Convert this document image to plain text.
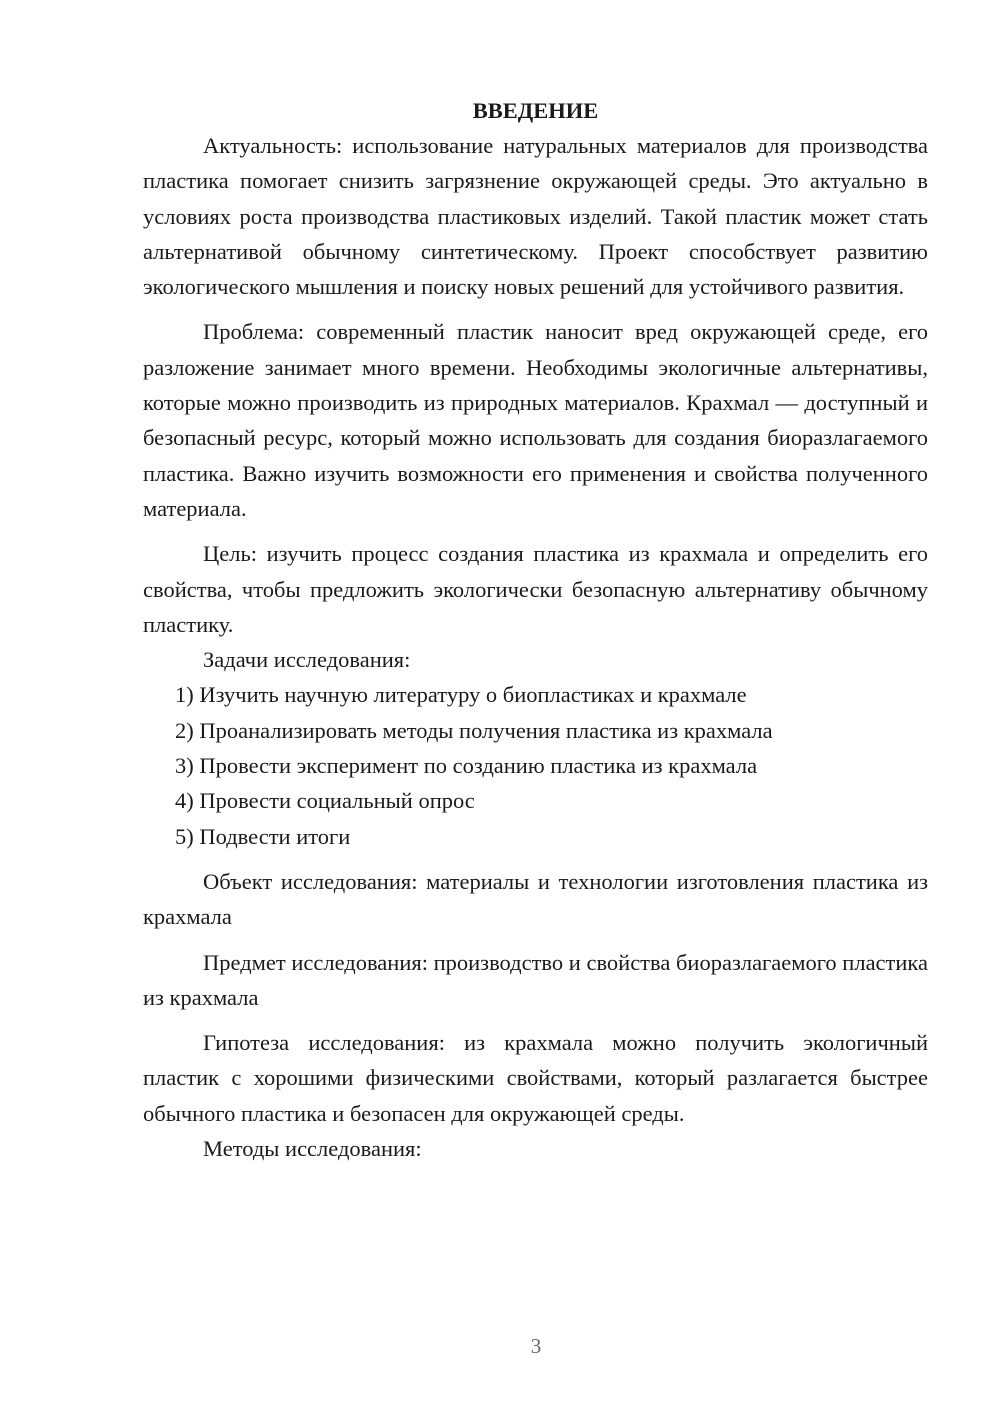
ВВЕДЕНИЕ

Актуальность: использование натуральных материалов для производства пластика помогает снизить загрязнение окружающей среды. Это актуально в условиях роста производства пластиковых изделий. Такой пластик может стать альтернативой обычному синтетическому. Проект способствует развитию экологического мышления и поиску новых решений для устойчивого развития.

Проблема: современный пластик наносит вред окружающей среде, его разложение занимает много времени. Необходимы экологичные альтернативы, которые можно производить из природных материалов. Крахмал — доступный и безопасный ресурс, который можно использовать для создания биоразлагаемого пластика. Важно изучить возможности его применения и свойства полученного материала.

Цель: изучить процесс создания пластика из крахмала и определить его свойства, чтобы предложить экологически безопасную альтернативу обычному пластику.

Задачи исследования:

1) Изучить научную литературу о биопластиках и крахмале

2) Проанализировать методы получения пластика из крахмала

3) Провести эксперимент по созданию пластика из крахмала

4) Провести социальный опрос

5) Подвести итоги

Объект исследования: материалы и технологии изготовления пластика из крахмала

Предмет исследования: производство и свойства биоразлагаемого пластика из крахмала

Гипотеза исследования: из крахмала можно получить экологичный пластик с хорошими физическими свойствами, который разлагается быстрее обычного пластика и безопасен для окружающей среды.

Методы исследования:

3
